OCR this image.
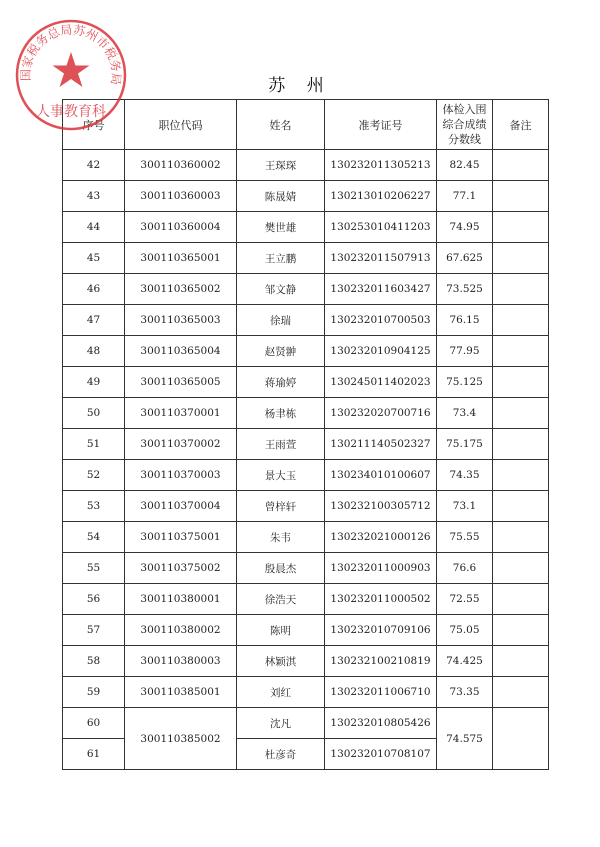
苏 州
序号	职位代码	姓名	准考证号	体检入围
综合成绩
分数线	备注
42	300110360002	王琛琛	130232011305213	82.45	
43	300110360003	陈晟婧	130213010206227	77.1	
44	300110360004	樊世雄	130253010411203	74.95	
45	300110365001	王立鹏	130232011507913	67.625	
46	300110365002	邹文静	130232011603427	73.525	
47	300110365003	徐瑞	130232010700503	76.15	
48	300110365004	赵贤翀	130232010904125	77.95	
49	300110365005	蒋瑜婷	130245011402023	75.125	
50	300110370001	杨聿栋	130232020700716	73.4	
51	300110370002	王雨萱	130211140502327	75.175	
52	300110370003	景大玉	130234010100607	74.35	
53	300110370004	曾梓轩	130232100305712	73.1	
54	300110375001	朱韦	130232021000126	75.55	
55	300110375002	殷晨杰	130232011000903	76.6	
56	300110380001	徐浩天	130232011000502	72.55	
57	300110380002	陈明	130232010709106	75.05	
58	300110380003	林颖淇	130232100210819	74.425	
59	300110385001	刘红	130232011006710	73.35	
60	300110385002	沈凡	130232010805426	74.575	
61		杜彦奇	130232010708107		
国家税务总局苏州市税务局
人事教育科
